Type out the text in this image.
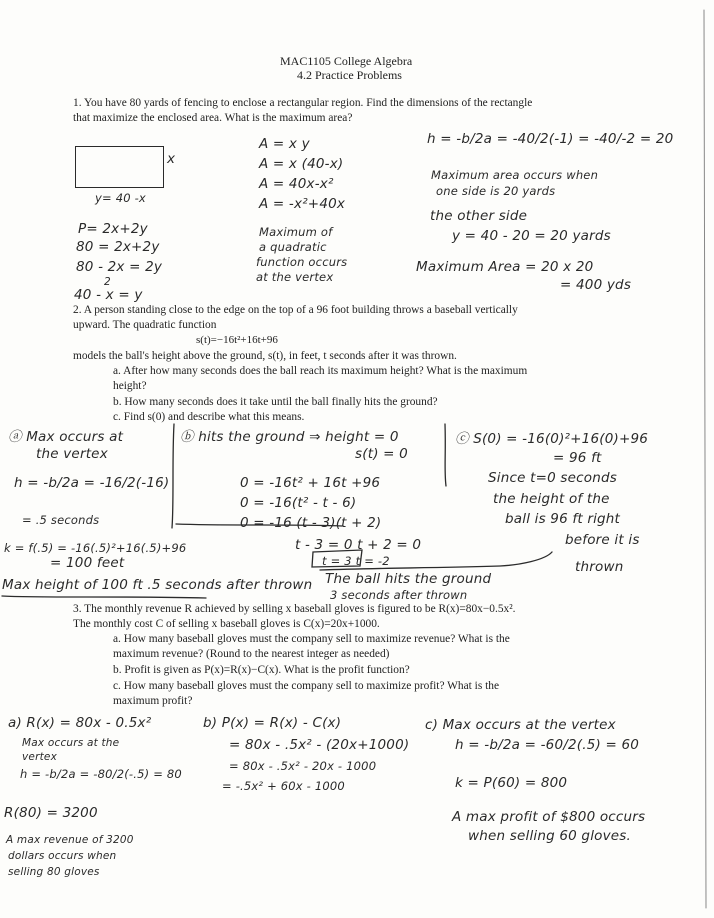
MAC1105 College Algebra
4.2 Practice Problems
1. You have 80 yards of fencing to enclose a rectangular region. Find the dimensions of the rectangle
that maximize the enclosed area. What is the maximum area?
x
y= 40 -x
P= 2x+2y
80 = 2x+2y
80 - 2x = 2y
2
40 - x = y
A = x y
A = x (40-x)
A = 40x-x²
A = -x²+40x
Maximum of
a quadratic
function occurs
at the vertex
h = -b/2a = -40/2(-1) = -40/-2 = 20
Maximum area occurs when
one side is 20 yards
the other side
y = 40 - 20 = 20 yards
Maximum Area = 20 x 20
= 400 yds
2. A person standing close to the edge on the top of a 96 foot building throws a baseball vertically
upward. The quadratic function
s(t)=−16t²+16t+96
models the ball's height above the ground, s(t), in feet, t seconds after it was thrown.
a. After how many seconds does the ball reach its maximum height? What is the maximum
height?
b. How many seconds does it take until the ball finally hits the ground?
c. Find s(0) and describe what this means.
ⓐ Max occurs at
the vertex
h = -b/2a = -16/2(-16)
= .5 seconds
k = f(.5) = -16(.5)²+16(.5)+96
= 100 feet
Max height of 100 ft .5 seconds after thrown
ⓑ hits the ground ⇒ height = 0
s(t) = 0
0 = -16t² + 16t +96
0 = -16(t² - t - 6)
0 = -16 (t - 3)(t + 2)
t - 3 = 0 t + 2 = 0
t = 3 t = -2
The ball hits the ground
3 seconds after thrown
ⓒ S(0) = -16(0)²+16(0)+96
= 96 ft
Since t=0 seconds
the height of the
ball is 96 ft right
before it is
thrown
3. The monthly revenue R achieved by selling x baseball gloves is figured to be R(x)=80x−0.5x².
The monthly cost C of selling x baseball gloves is C(x)=20x+1000.
a. How many baseball gloves must the company sell to maximize revenue? What is the
maximum revenue? (Round to the nearest integer as needed)
b. Profit is given as P(x)=R(x)−C(x). What is the profit function?
c. How many baseball gloves must the company sell to maximize profit? What is the
maximum profit?
a) R(x) = 80x - 0.5x²
Max occurs at the
vertex
h = -b/2a = -80/2(-.5) = 80
R(80) = 3200
A max revenue of 3200
dollars occurs when
selling 80 gloves
b) P(x) = R(x) - C(x)
= 80x - .5x² - (20x+1000)
= 80x - .5x² - 20x - 1000
= -.5x² + 60x - 1000
c) Max occurs at the vertex
h = -b/2a = -60/2(.5) = 60
k = P(60) = 800
A max profit of $800 occurs
when selling 60 gloves.
